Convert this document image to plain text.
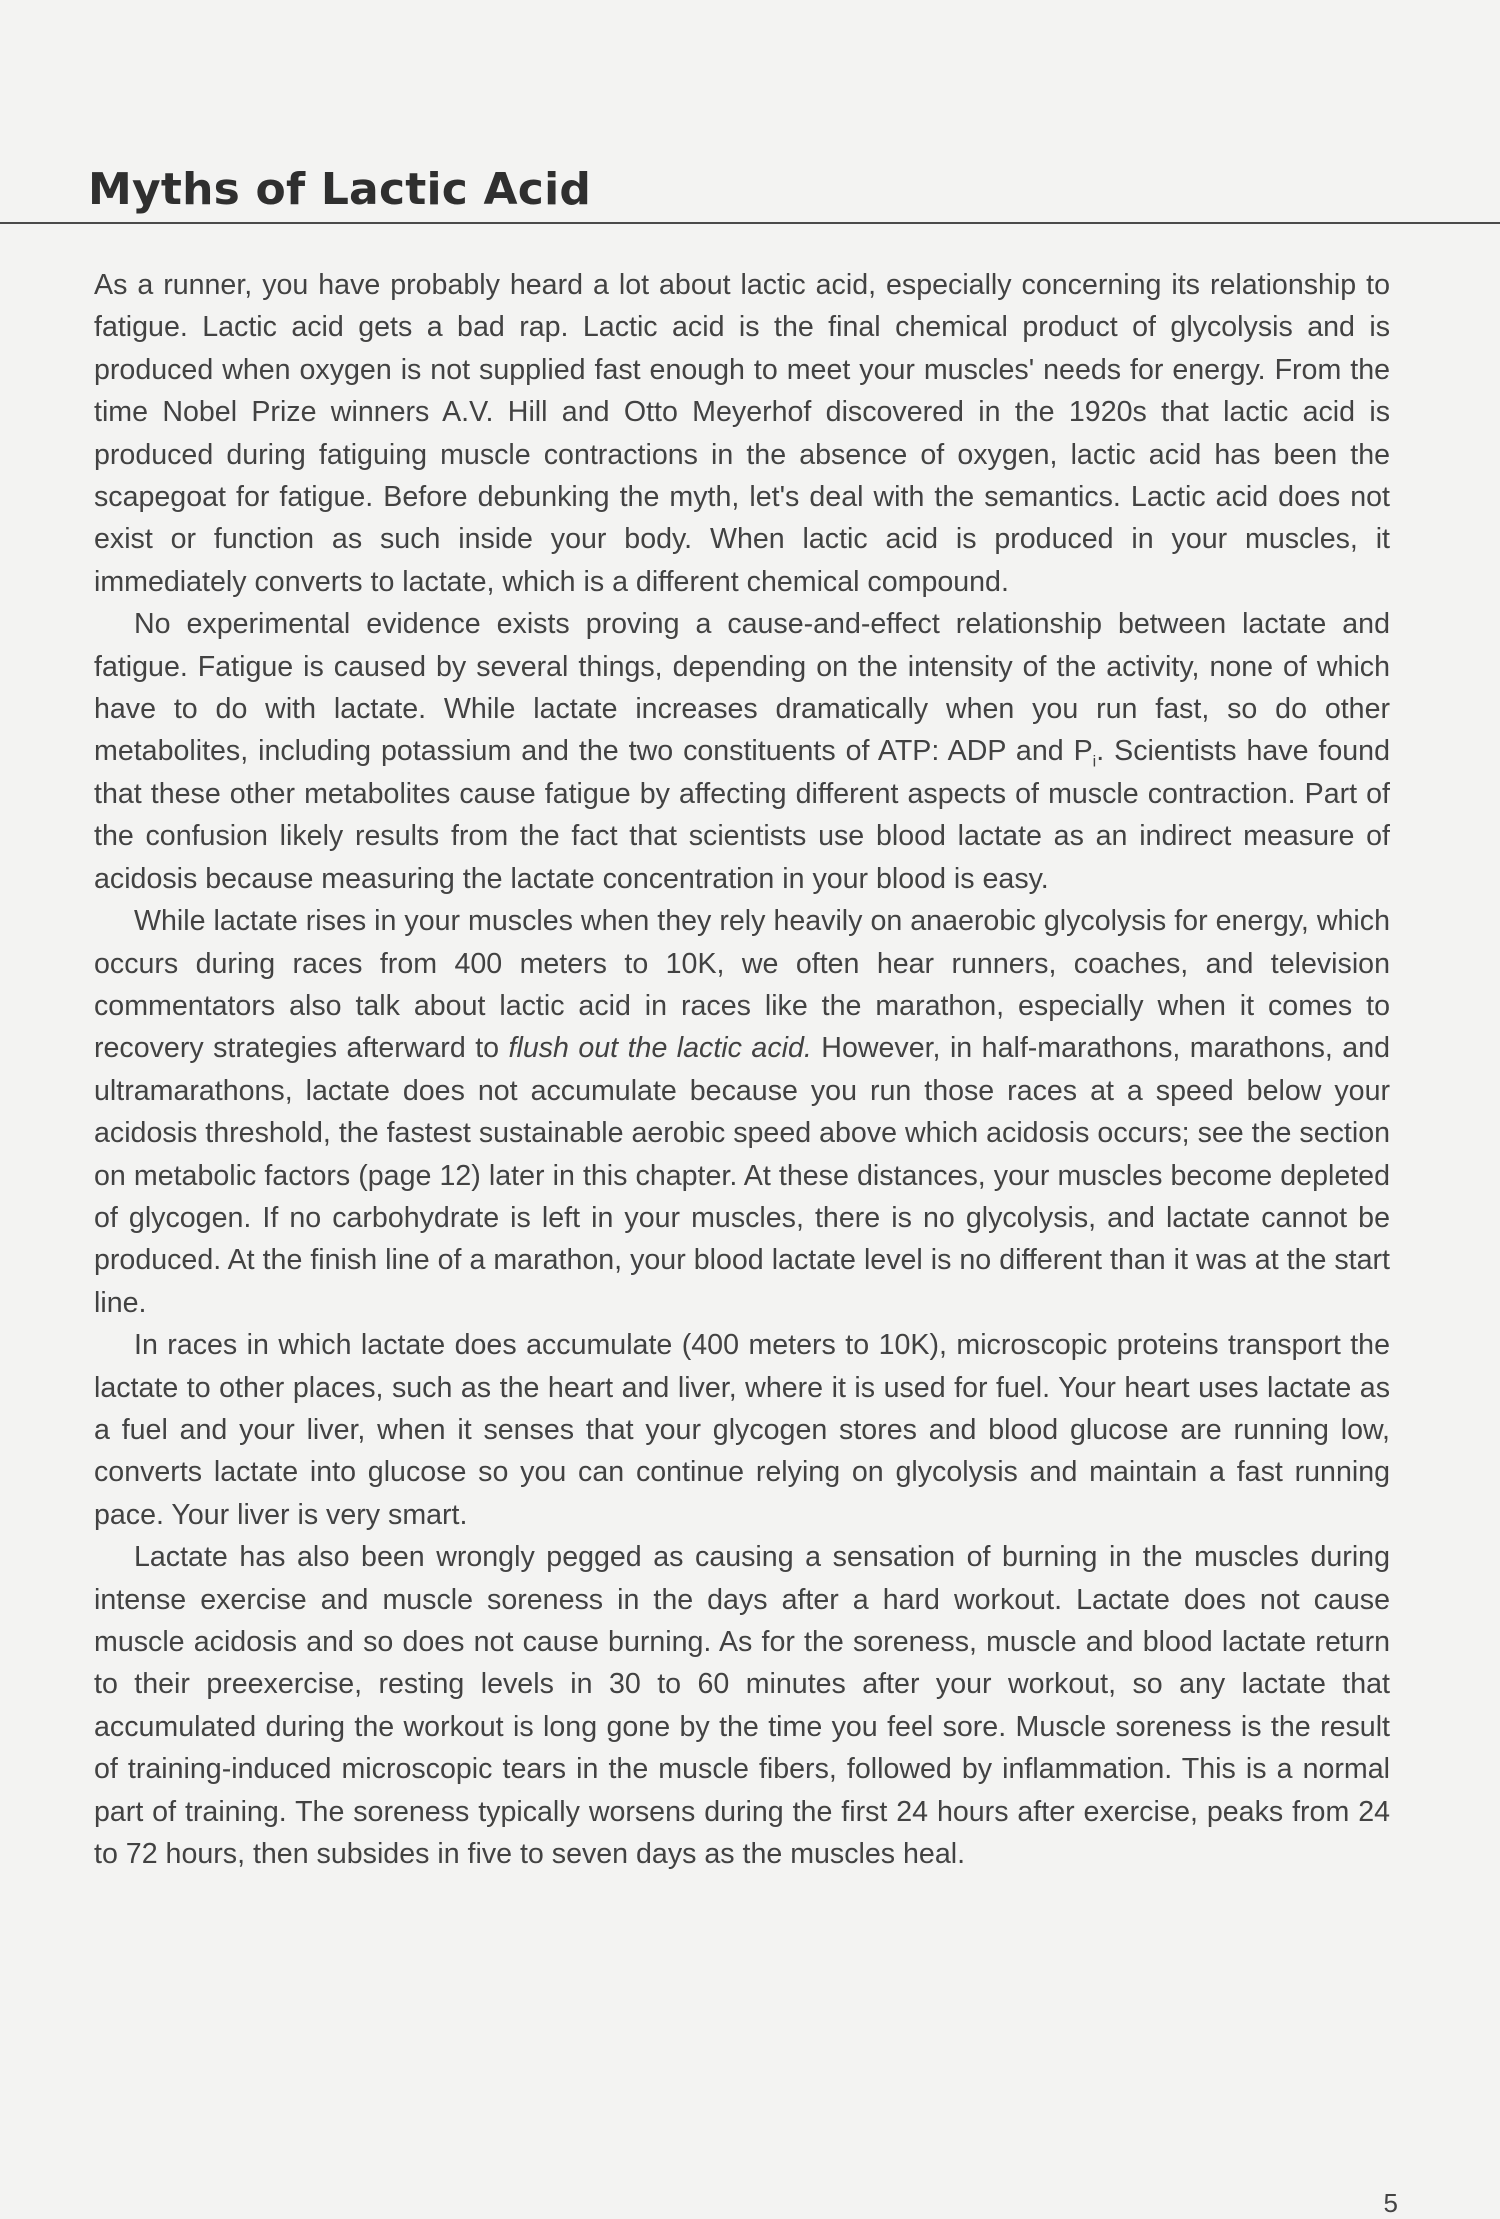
Myths of Lactic Acid

As a runner, you have probably heard a lot about lactic acid, especially concerning its relationship to fatigue. Lactic acid gets a bad rap. Lactic acid is the final chemical product of glycolysis and is produced when oxygen is not supplied fast enough to meet your muscles' needs for energy. From the time Nobel Prize winners A.V. Hill and Otto Meyerhof discovered in the 1920s that lactic acid is produced during fatiguing muscle contractions in the absence of oxygen, lactic acid has been the scapegoat for fatigue. Before debunking the myth, let's deal with the semantics. Lactic acid does not exist or function as such inside your body. When lactic acid is produced in your muscles, it immediately converts to lactate, which is a different chemical compound.

No experimental evidence exists proving a cause-and-effect relationship between lactate and fatigue. Fatigue is caused by several things, depending on the intensity of the activity, none of which have to do with lactate. While lactate increases dramatically when you run fast, so do other metabolites, including potassium and the two constituents of ATP: ADP and $P_i$. Scientists have found that these other metabolites cause fatigue by affecting different aspects of muscle contraction. Part of the confusion likely results from the fact that scientists use blood lactate as an indirect measure of acidosis because measuring the lactate concentration in your blood is easy.

While lactate rises in your muscles when they rely heavily on anaerobic glycolysis for energy, which occurs during races from 400 meters to 10K, we often hear runners, coaches, and television commentators also talk about lactic acid in races like the marathon, especially when it comes to recovery strategies afterward to flush out the lactic acid. However, in half-marathons, marathons, and ultramarathons, lactate does not accumulate because you run those races at a speed below your acidosis threshold, the fastest sustainable aerobic speed above which acidosis occurs; see the section on metabolic factors (page 12) later in this chapter. At these distances, your muscles become depleted of glycogen. If no carbohydrate is left in your muscles, there is no glycolysis, and lactate cannot be produced. At the finish line of a marathon, your blood lactate level is no different than it was at the start line.

In races in which lactate does accumulate (400 meters to 10K), microscopic proteins transport the lactate to other places, such as the heart and liver, where it is used for fuel. Your heart uses lactate as a fuel and your liver, when it senses that your glycogen stores and blood glucose are running low, converts lactate into glucose so you can continue relying on glycolysis and maintain a fast running pace. Your liver is very smart.

Lactate has also been wrongly pegged as causing a sensation of burning in the muscles during intense exercise and muscle soreness in the days after a hard workout. Lactate does not cause muscle acidosis and so does not cause burning. As for the soreness, muscle and blood lactate return to their preexercise, resting levels in 30 to 60 minutes after your workout, so any lactate that accumulated during the workout is long gone by the time you feel sore. Muscle soreness is the result of training-induced microscopic tears in the muscle fibers, followed by inflammation. This is a normal part of training. The soreness typically worsens during the first 24 hours after exercise, peaks from 24 to 72 hours, then subsides in five to seven days as the muscles heal.

5
